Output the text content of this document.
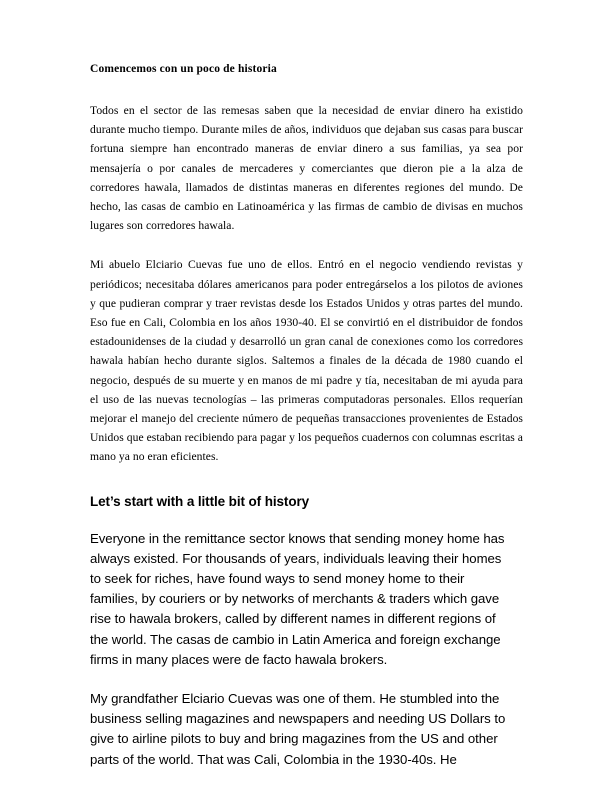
Comencemos con un poco de historia

Todos en el sector de las remesas saben que la necesidad de enviar dinero ha existido durante mucho tiempo. Durante miles de años, individuos que dejaban sus casas para buscar fortuna siempre han encontrado maneras de enviar dinero a sus familias, ya sea por mensajería o por canales de mercaderes y comerciantes que dieron pie a la alza de corredores hawala, llamados de distintas maneras en diferentes regiones del mundo. De hecho, las casas de cambio en Latinoamérica y las firmas de cambio de divisas en muchos lugares son corredores hawala.

Mi abuelo Elciario Cuevas fue uno de ellos. Entró en el negocio vendiendo revistas y periódicos; necesitaba dólares americanos para poder entregárselos a los pilotos de aviones y que pudieran comprar y traer revistas desde los Estados Unidos y otras partes del mundo. Eso fue en Cali, Colombia en los años 1930-40. El se convirtió en el distribuidor de fondos estadounidenses de la ciudad y desarrolló un gran canal de conexiones como los corredores hawala habían hecho durante siglos. Saltemos a finales de la década de 1980 cuando el negocio, después de su muerte y en manos de mi padre y tía, necesitaban de mi ayuda para el uso de las nuevas tecnologías – las primeras computadoras personales. Ellos requerían mejorar el manejo del creciente número de pequeñas transacciones provenientes de Estados Unidos que estaban recibiendo para pagar y los pequeños cuadernos con columnas escritas a mano ya no eran eficientes.

Let’s start with a little bit of history

Everyone in the remittance sector knows that sending money home has always existed. For thousands of years, individuals leaving their homes to seek for riches, have found ways to send money home to their families, by couriers or by networks of merchants & traders which gave rise to hawala brokers, called by different names in different regions of the world. The casas de cambio in Latin America and foreign exchange firms in many places were de facto hawala brokers.

My grandfather Elciario Cuevas was one of them. He stumbled into the business selling magazines and newspapers and needing US Dollars to give to airline pilots to buy and bring magazines from the US and other parts of the world. That was Cali, Colombia in the 1930-40s. He
